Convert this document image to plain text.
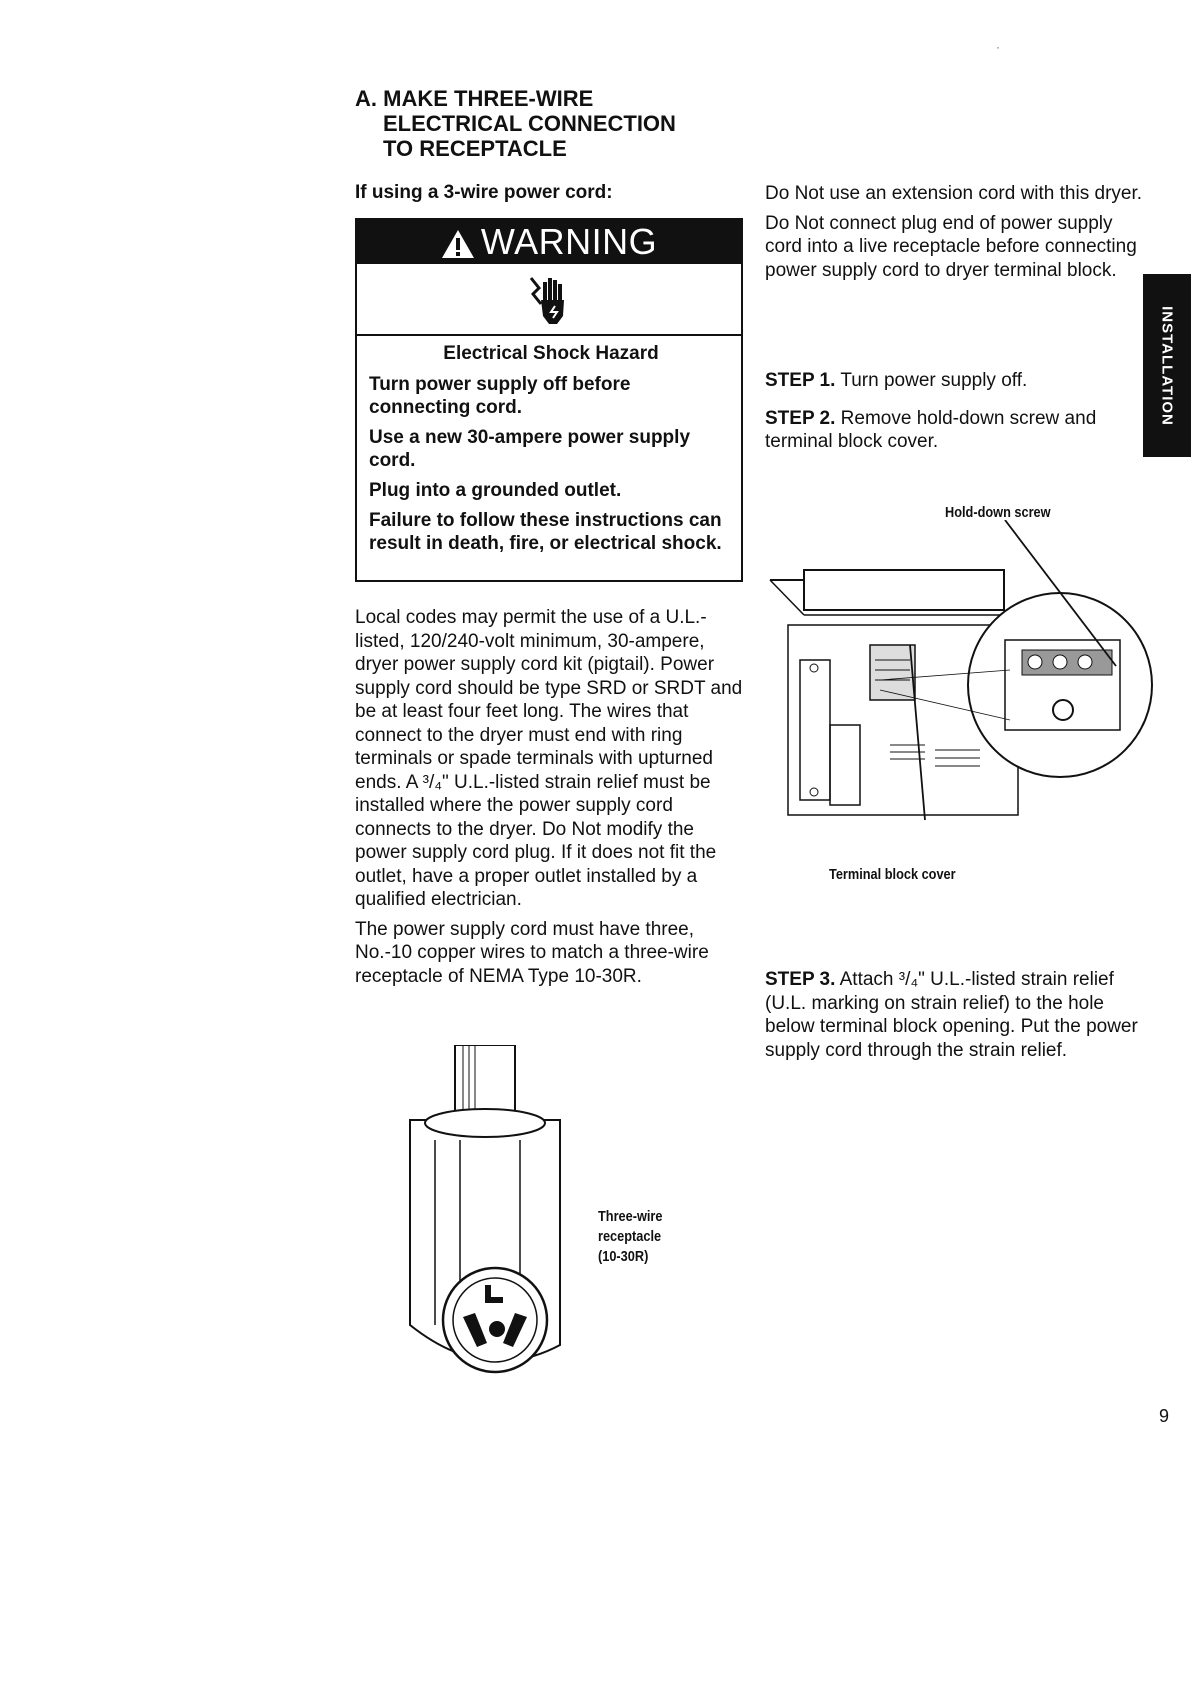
·
A. MAKE THREE-WIRE
ELECTRICAL CONNECTION
TO RECEPTACLE
If using a 3-wire power cord:
WARNING
Electrical Shock Hazard

Turn power supply off before connecting cord.

Use a new 30-ampere power supply cord.

Plug into a grounded outlet.

Failure to follow these instructions can result in death, fire, or electrical shock.

Local codes may permit the use of a U.L.-listed, 120/240-volt minimum, 30-ampere, dryer power supply cord kit (pigtail). Power supply cord should be type SRD or SRDT and be at least four feet long. The wires that connect to the dryer must end with ring terminals or spade terminals with upturned ends. A ³/₄" U.L.-listed strain relief must be installed where the power supply cord connects to the dryer. Do Not modify the power supply cord plug. If it does not fit the outlet, have a proper outlet installed by a qualified electrician.

The power supply cord must have three, No.-10 copper wires to match a three-wire receptacle of NEMA Type 10-30R.

Do Not use an extension cord with this dryer.

Do Not connect plug end of power supply cord into a live receptacle before connecting power supply cord to dryer terminal block.

STEP 1. Turn power supply off.

STEP 2. Remove hold-down screw and terminal block cover.

Hold-down screw
Terminal block cover

STEP 3. Attach ³/₄" U.L.-listed strain relief (U.L. marking on strain relief) to the hole below terminal block opening. Put the power supply cord through the strain relief.

Three-wire
receptacle
(10-30R)
INSTALLATION
9
